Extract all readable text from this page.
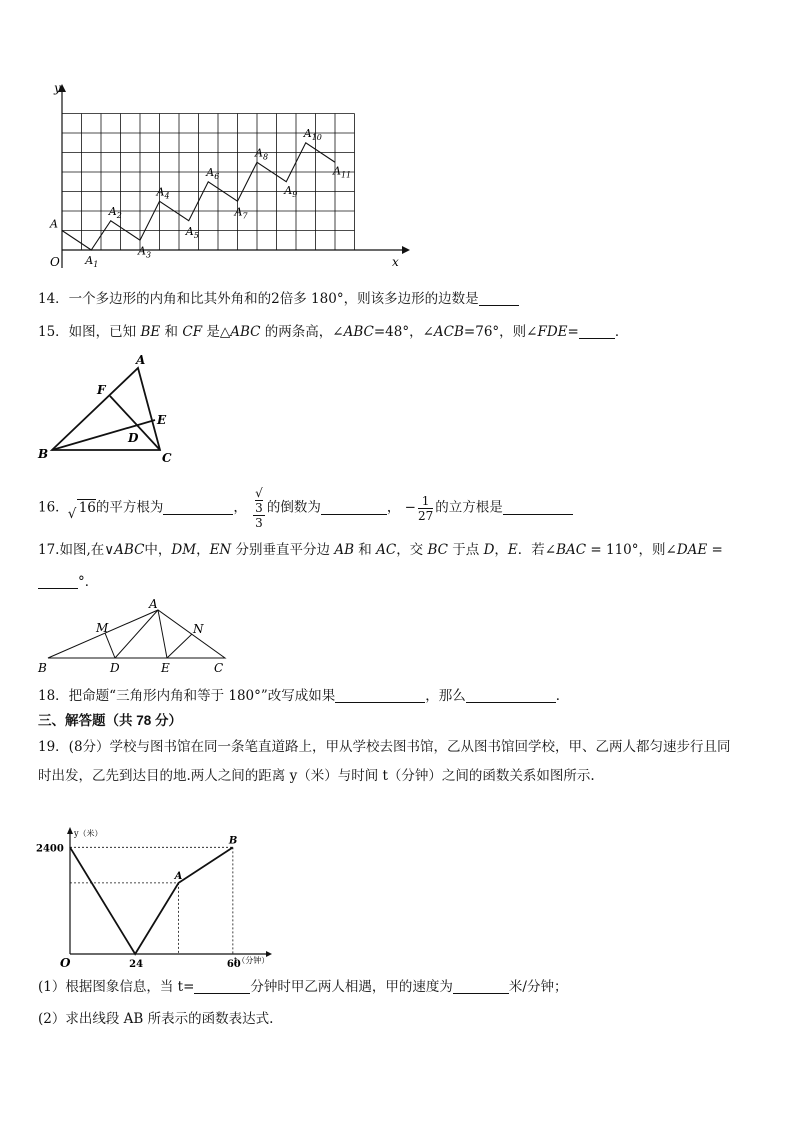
y
x
O
A
$A_1$
$A_2$
$A_3$
$A_4$
$A_5$
$A_6$
$A_7$
$A_8$
$A_9$
$A_{10}$
$A_{11}$
14．一个多边形的内角和比其外角和的2倍多 180°，则该多边形的边数是
15．如图，已知 BE 和 CF 是△ABC 的两条高，∠ABC=48°，∠ACB=76°，则∠FDE=	．
A
B	C
D
E
F
16． √ 16的平方根为	， √
3
3 的倒数为	， − $\frac{1}{27}$ 的立方根是
17.如图,在∨ABC中，DM，EN 分别垂直平分边 AB 和 AC，交 BC 于点 D，E．若∠BAC = 110°，则∠DAE =
°．
A
B	C
D	E
M	N
18．把命题“三角形内角和等于 180°”改写成如果	，那么	．
三、解答题（共 78 分）
19．(8分）学校与图书馆在同一条笔直道路上，甲从学校去图书馆，乙从图书馆回学校，甲、乙两人都匀速步行且同
时出发，乙先到达目的地.两人之间的距离 y（米）与时间 t（分钟）之间的函数关系如图所示.
y（米）
t（分钟）
O	24	60
2400
A
B
(1）根据图象信息，当 t=	分钟时甲乙两人相遇，甲的速度为	米/分钟；
(2）求出线段 AB 所表示的函数表达式.
